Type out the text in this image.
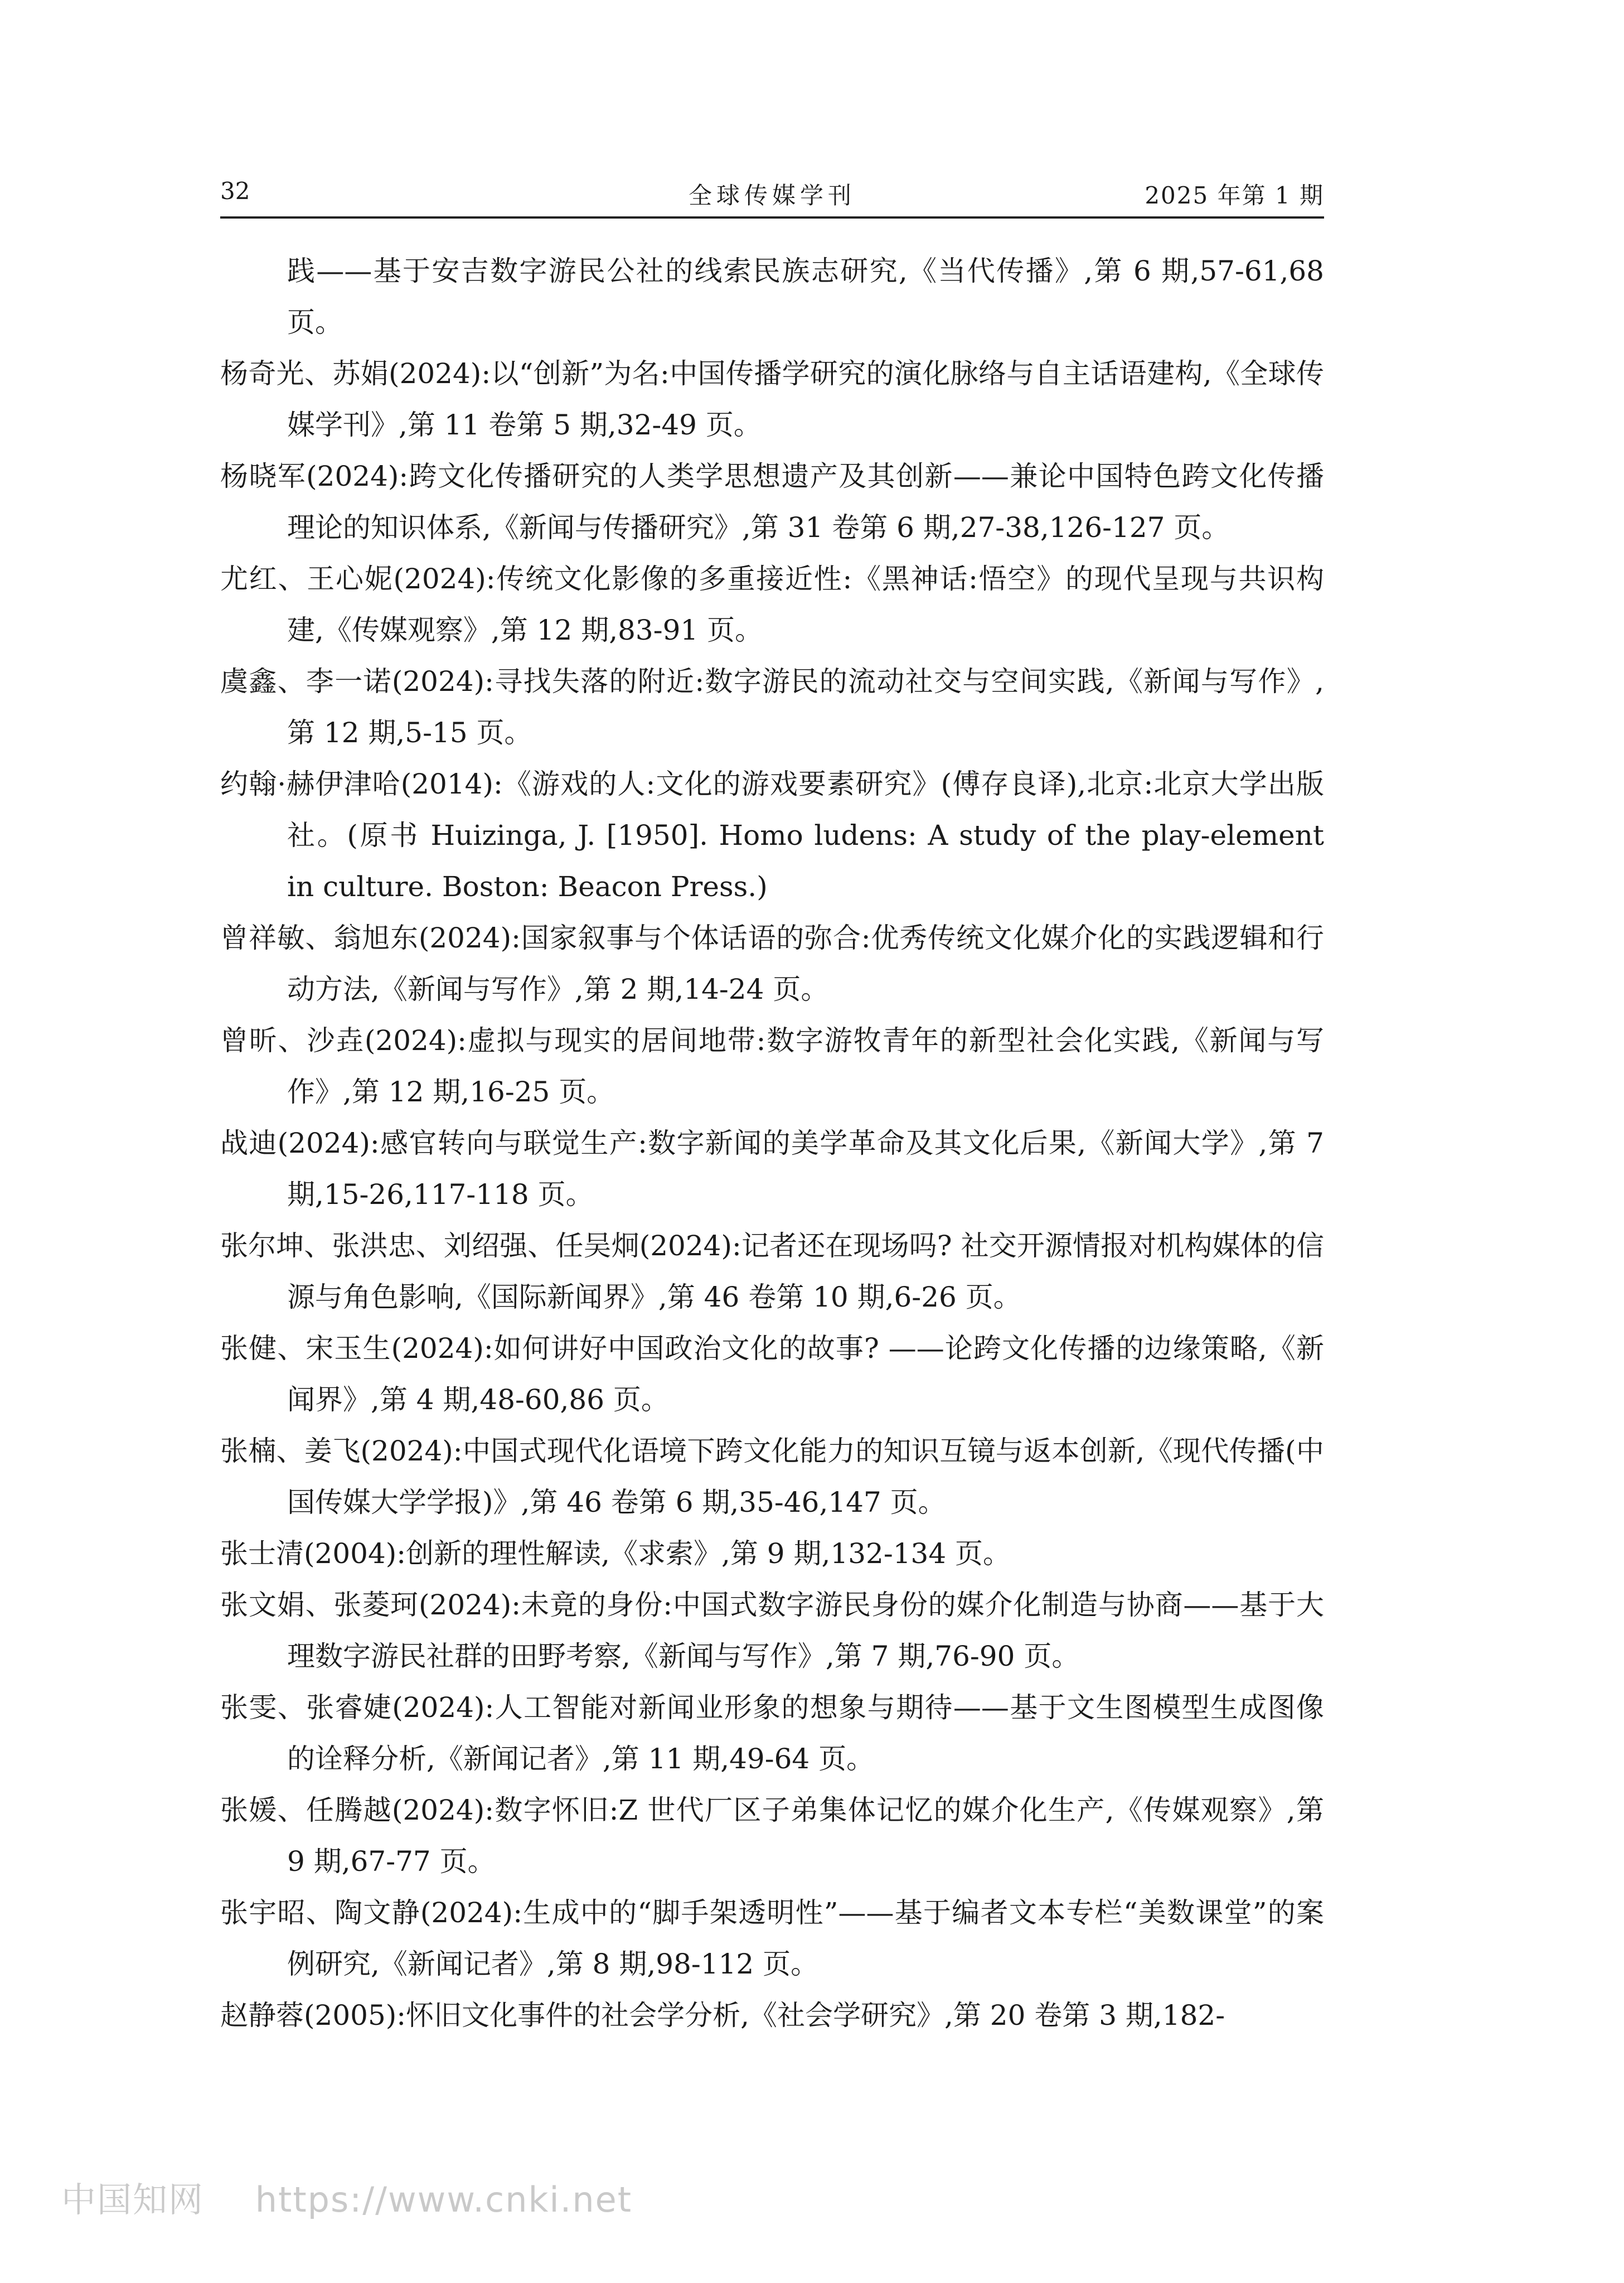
32	全球传媒学刊	2025 年第 1 期

践——基于安吉数字游民公社的线索民族志研究,《当代传播》,第 6 期,57-61,68 页。

杨奇光、苏娟(2024):以“创新”为名:中国传播学研究的演化脉络与自主话语建构,《全球传媒学刊》,第 11 卷第 5 期,32-49 页。

杨晓军(2024):跨文化传播研究的人类学思想遗产及其创新——兼论中国特色跨文化传播理论的知识体系,《新闻与传播研究》,第 31 卷第 6 期,27-38,126-127 页。

尤红、王心妮(2024):传统文化影像的多重接近性:《黑神话:悟空》的现代呈现与共识构建,《传媒观察》,第 12 期,83-91 页。

虞鑫、李一诺(2024):寻找失落的附近:数字游民的流动社交与空间实践,《新闻与写作》,第 12 期,5-15 页。

约翰·赫伊津哈(2014):《游戏的人:文化的游戏要素研究》(傅存良译),北京:北京大学出版社。(原书 Huizinga, J. [1950]. Homo ludens: A study of the play-element in culture. Boston: Beacon Press.)

曾祥敏、翁旭东(2024):国家叙事与个体话语的弥合:优秀传统文化媒介化的实践逻辑和行动方法,《新闻与写作》,第 2 期,14-24 页。

曾昕、沙垚(2024):虚拟与现实的居间地带:数字游牧青年的新型社会化实践,《新闻与写作》,第 12 期,16-25 页。

战迪(2024):感官转向与联觉生产:数字新闻的美学革命及其文化后果,《新闻大学》,第 7 期,15-26,117-118 页。

张尔坤、张洪忠、刘绍强、任吴炯(2024):记者还在现场吗? 社交开源情报对机构媒体的信源与角色影响,《国际新闻界》,第 46 卷第 10 期,6-26 页。

张健、宋玉生(2024):如何讲好中国政治文化的故事? ——论跨文化传播的边缘策略,《新闻界》,第 4 期,48-60,86 页。

张楠、姜飞(2024):中国式现代化语境下跨文化能力的知识互镜与返本创新,《现代传播(中国传媒大学学报)》,第 46 卷第 6 期,35-46,147 页。

张士清(2004):创新的理性解读,《求索》,第 9 期,132-134 页。

张文娟、张菱珂(2024):未竟的身份:中国式数字游民身份的媒介化制造与协商——基于大理数字游民社群的田野考察,《新闻与写作》,第 7 期,76-90 页。

张雯、张睿婕(2024):人工智能对新闻业形象的想象与期待——基于文生图模型生成图像的诠释分析,《新闻记者》,第 11 期,49-64 页。

张媛、任腾越(2024):数字怀旧:Z 世代厂区子弟集体记忆的媒介化生产,《传媒观察》,第 9 期,67-77 页。

张宇昭、陶文静(2024):生成中的“脚手架透明性”——基于编者文本专栏“美数课堂”的案例研究,《新闻记者》,第 8 期,98-112 页。

赵静蓉(2005):怀旧文化事件的社会学分析,《社会学研究》,第 20 卷第 3 期,182-

中国知网 https://www.cnki.net
